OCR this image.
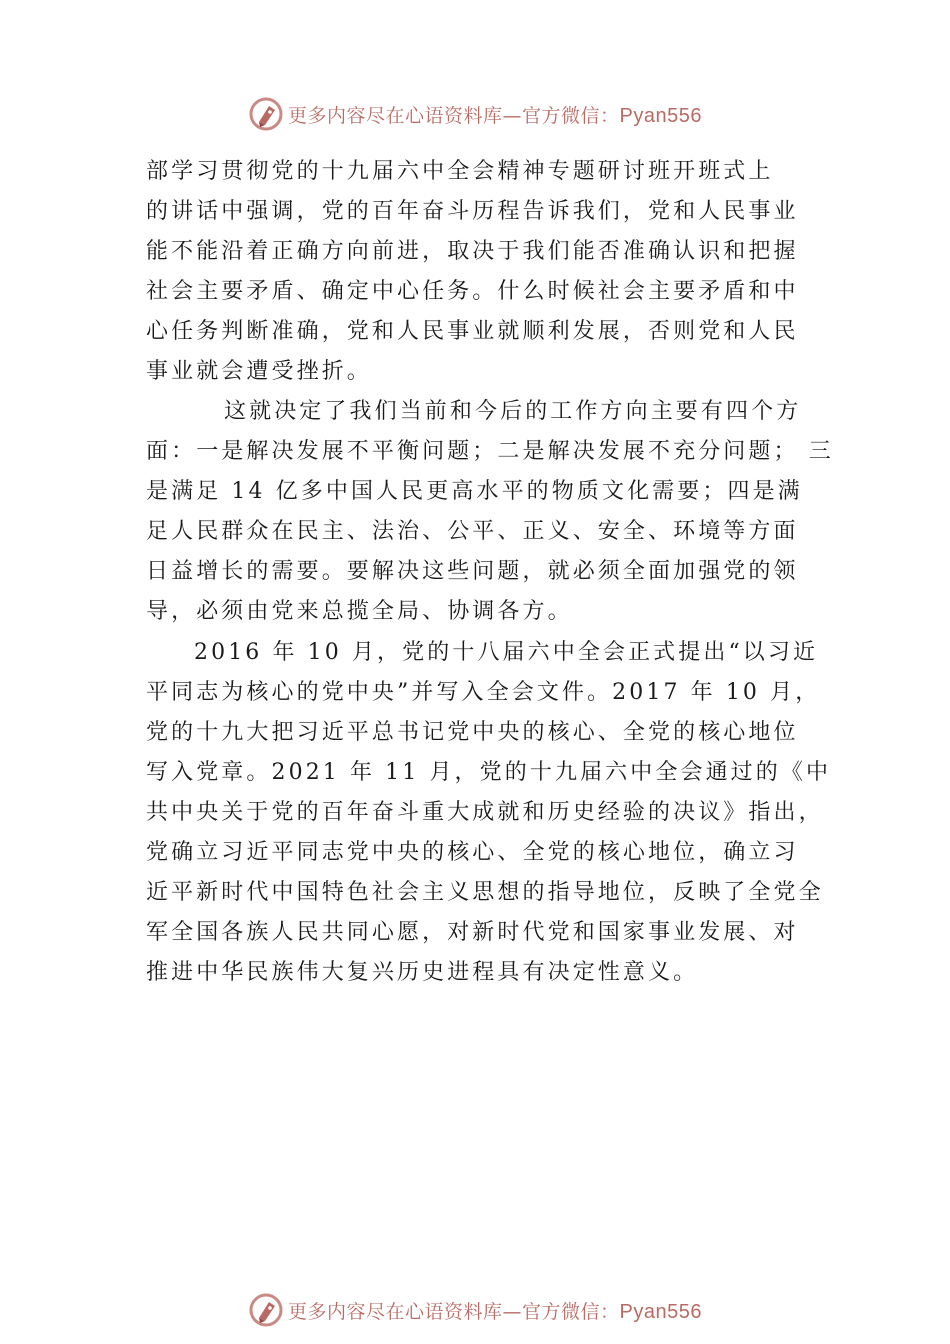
更多内容尽在心语资料库—官方微信：Pyan556

部学习贯彻党的十九届六中全会精神专题研讨班开班式上
的讲话中强调，党的百年奋斗历程告诉我们，党和人民事业
能不能沿着正确方向前进，取决于我们能否准确认识和把握
社会主要矛盾、确定中心任务。什么时候社会主要矛盾和中
心任务判断准确，党和人民事业就顺利发展，否则党和人民
事业就会遭受挫折。

这就决定了我们当前和今后的工作方向主要有四个方
面：一是解决发展不平衡问题；二是解决发展不充分问题； 三
是满足 14 亿多中国人民更高水平的物质文化需要；四是满
足人民群众在民主、法治、公平、正义、安全、环境等方面
日益增长的需要。要解决这些问题，就必须全面加强党的领
导，必须由党来总揽全局、协调各方。

2016 年 10 月，党的十八届六中全会正式提出“以习近
平同志为核心的党中央”并写入全会文件。2017 年 10 月，
党的十九大把习近平总书记党中央的核心、全党的核心地位
写入党章。2021 年 11 月，党的十九届六中全会通过的《中
共中央关于党的百年奋斗重大成就和历史经验的决议》指出，
党确立习近平同志党中央的核心、全党的核心地位，确立习
近平新时代中国特色社会主义思想的指导地位，反映了全党全
军全国各族人民共同心愿，对新时代党和国家事业发展、对
推进中华民族伟大复兴历史进程具有决定性意义。

更多内容尽在心语资料库—官方微信：Pyan556
